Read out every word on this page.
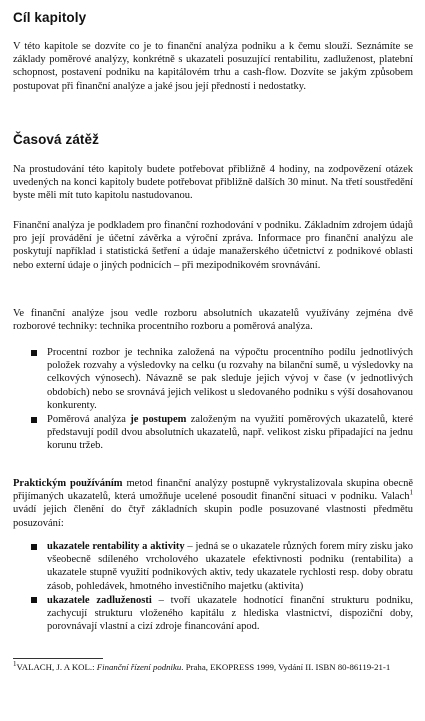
Cíl kapitoly

V této kapitole se dozvíte co je to finanční analýza podniku a k čemu slouží. Seznámíte se základy poměrové analýzy, konkrétně s ukazateli posuzující rentabilitu, zadluženost, platební schopnost, postavení podniku na kapitálovém trhu a cash-flow. Dozvíte se jakým způsobem postupovat při finanční analýze a jaké jsou její předností i nedostatky.

Časová zátěž

Na prostudování této kapitoly budete potřebovat přibližně 4 hodiny, na zodpovězení otázek uvedených na konci kapitoly budete potřebovat přibližně dalších 30 minut. Na třetí soustředění byste měli mít tuto kapitolu nastudovanou.

Finanční analýza je podkladem pro finanční rozhodování v podniku. Základním zdrojem údajů pro její provádění je účetní závěrka a výroční zpráva. Informace pro finanční analýzu ale poskytují například i statistická šetření a údaje manažerského účetnictví z podnikové oblasti nebo externí údaje o jiných podnicích – při mezipodnikovém srovnávání.

Ve finanční analýze jsou vedle rozboru absolutních ukazatelů využívány zejména dvě rozborové techniky: technika procentního rozboru a poměrová analýza.

Procentní rozbor je technika založená na výpočtu procentního podílu jednotlivých položek rozvahy a výsledovky na celku (u rozvahy na bilanční sumě, u výsledovky na celkových výnosech). Návazně se pak sleduje jejich vývoj v čase (v jednotlivých obdobích) nebo se srovnává jejich velikost u sledovaného podniku s výší dosahovanou konkurenty.
Poměrová analýza je postupem založeným na využití poměrových ukazatelů, které představují podíl dvou absolutních ukazatelů, např. velikost zisku připadající na jednu korunu tržeb.

Praktickým používáním metod finanční analýzy postupně vykrystalizovala skupina obecně přijímaných ukazatelů, která umožňuje ucelené posoudit finanční situaci v podniku. Valach$^1$ uvádí jejich členění do čtyř základních skupin podle posuzované vlastnosti předmětu posuzování:

ukazatele rentability a aktivity – jedná se o ukazatele různých forem míry zisku jako všeobecně sdíleného vrcholového ukazatele efektivnosti podniku (rentabilita) a ukazatele stupně využití podnikových aktiv, tedy ukazatele rychlosti resp. doby obratu zásob, pohledávek, hmotného investičního majetku (aktivita)
ukazatele zadluženosti – tvoří ukazatele hodnotící finanční strukturu podniku, zachycují strukturu vloženého kapitálu z hlediska vlastnictví, dispoziční doby, porovnávají vlastní a cizí zdroje financování apod.
$^1$VALACH, J. A KOL.: Finanční řízení podniku. Praha, EKOPRESS 1999, Vydání II. ISBN 80-86119-21-1
